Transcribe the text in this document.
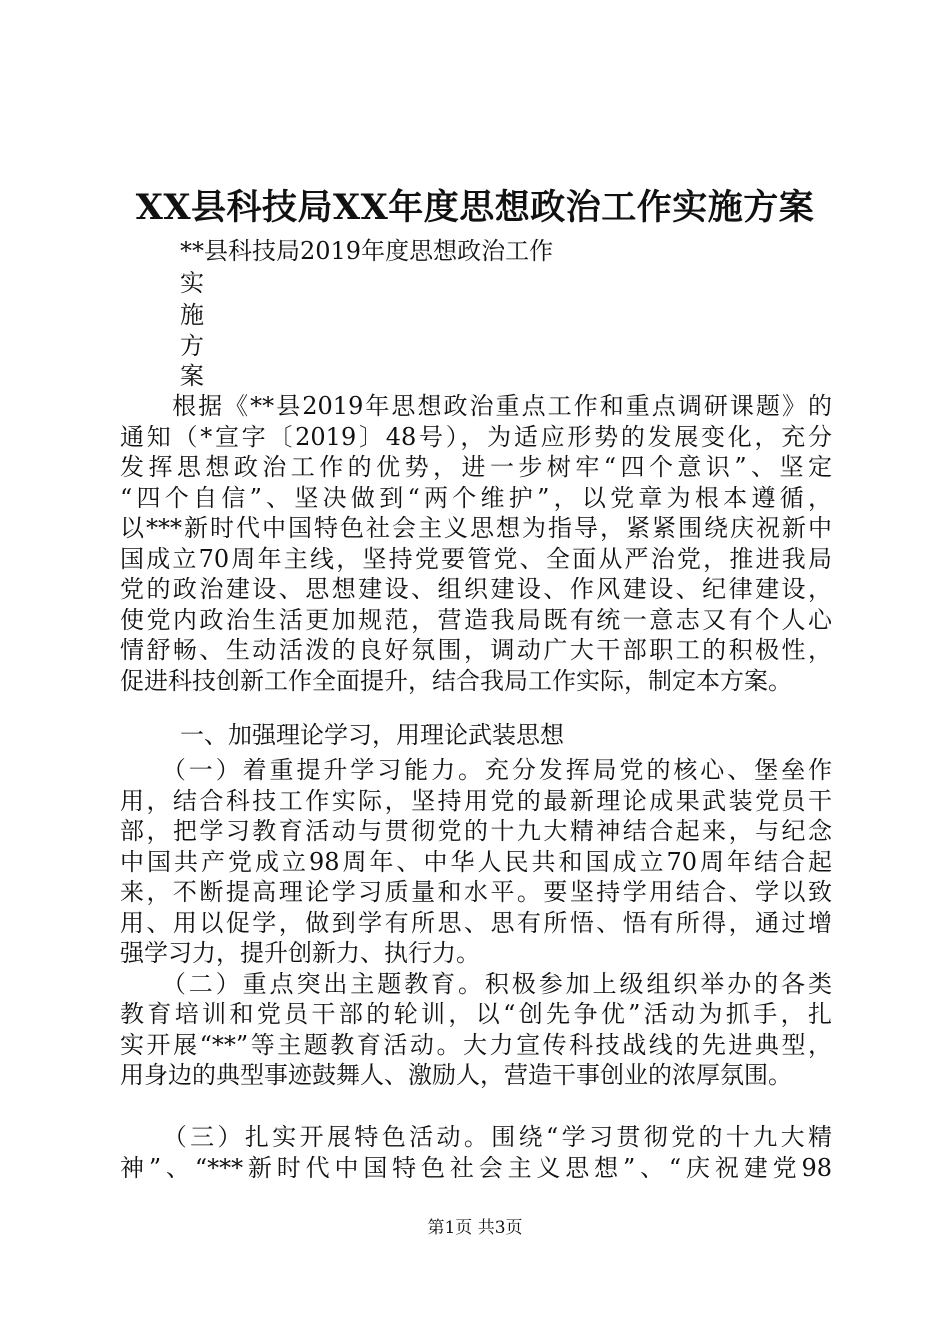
XX县科技局XX年度思想政治工作实施方案
**县科技局2019年度思想政治工作
实
施
方
案
　　根据《**县2019年思想政治重点工作和重点调研课题》的
通知（*宣字〔2019〕48号），为适应形势的发展变化，充分
发挥思想政治工作的优势，进一步树牢“四个意识”、坚定
“四个自信”、坚决做到“两个维护”，以党章为根本遵循，
以***新时代中国特色社会主义思想为指导，紧紧围绕庆祝新中
国成立70周年主线，坚持党要管党、全面从严治党，推进我局
党的政治建设、思想建设、组织建设、作风建设、纪律建设，
使党内政治生活更加规范，营造我局既有统一意志又有个人心
情舒畅、生动活泼的良好氛围，调动广大干部职工的积极性，
促进科技创新工作全面提升，结合我局工作实际，制定本方案。
一、加强理论学习，用理论武装思想
　　（一）着重提升学习能力。充分发挥局党的核心、堡垒作
用，结合科技工作实际，坚持用党的最新理论成果武装党员干
部，把学习教育活动与贯彻党的十九大精神结合起来，与纪念
中国共产党成立98周年、中华人民共和国成立70周年结合起
来，不断提高理论学习质量和水平。要坚持学用结合、学以致
用、用以促学，做到学有所思、思有所悟、悟有所得，通过增
强学习力，提升创新力、执行力。
　　（二）重点突出主题教育。积极参加上级组织举办的各类
教育培训和党员干部的轮训，以“创先争优”活动为抓手，扎
实开展“**”等主题教育活动。大力宣传科技战线的先进典型，
用身边的典型事迹鼓舞人、激励人，营造干事创业的浓厚氛围。
　　（三）扎实开展特色活动。围绕“学习贯彻党的十九大精
神”、“***新时代中国特色社会主义思想”、“庆祝建党98
第1页 共3页
